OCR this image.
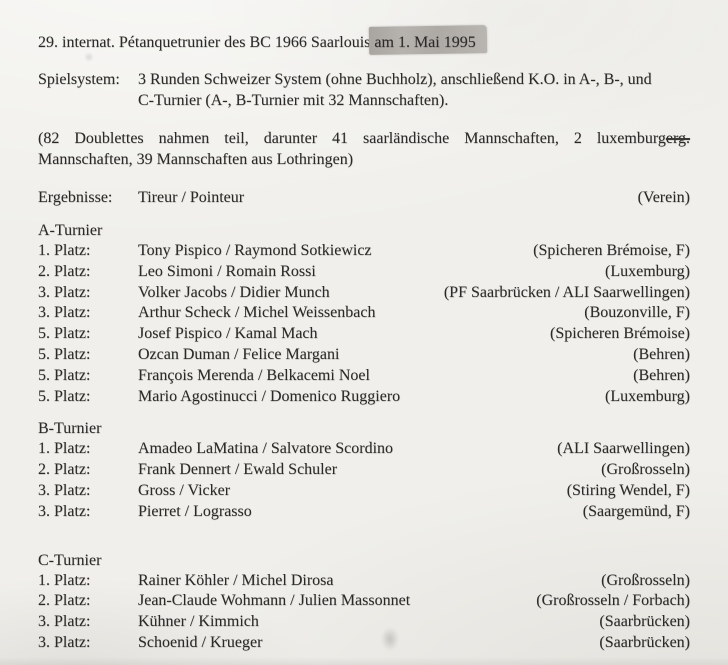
29. internat. Pétanquetrunier des BC 1966 Saarlouis am 1. Mai 1995
Spielsystem:	3 Runden Schweizer System (ohne Buchholz), anschließend K.O. in A-, B-, und
C-Turnier (A-, B-Turnier mit 32 Mannschaften).

(82 Doublettes nahmen teil, darunter 41 saarländische Mannschaften, 2 luxemburgerg.
Mannschaften, 39 Mannschaften aus Lothringen)

Ergebnisse:	Tireur / Pointeur	(Verein)
A-Turnier
1. Platz:	Tony Pispico / Raymond Sotkiewicz	(Spicheren Brémoise, F)
2. Platz:	Leo Simoni / Romain Rossi	(Luxemburg)
3. Platz:	Volker Jacobs / Didier Munch	(PF Saarbrücken / ALI Saarwellingen)
3. Platz:	Arthur Scheck / Michel Weissenbach	(Bouzonville, F)
5. Platz:	Josef Pispico / Kamal Mach	(Spicheren Brémoise)
5. Platz:	Ozcan Duman / Felice Margani	(Behren)
5. Platz:	François Merenda / Belkacemi Noel	(Behren)
5. Platz:	Mario Agostinucci / Domenico Ruggiero	(Luxemburg)
B-Turnier
1. Platz:	Amadeo LaMatina / Salvatore Scordino	(ALI Saarwellingen)
2. Platz:	Frank Dennert / Ewald Schuler	(Großrosseln)
3. Platz:	Gross / Vicker	(Stiring Wendel, F)
3. Platz:	Pierret / Lograsso	(Saargemünd, F)
C-Turnier
1. Platz:	Rainer Köhler / Michel Dirosa	(Großrosseln)
2. Platz:	Jean-Claude Wohmann / Julien Massonnet	(Großrosseln / Forbach)
3. Platz:	Kühner / Kimmich	(Saarbrücken)
3. Platz:	Schoenid / Krueger	(Saarbrücken)
